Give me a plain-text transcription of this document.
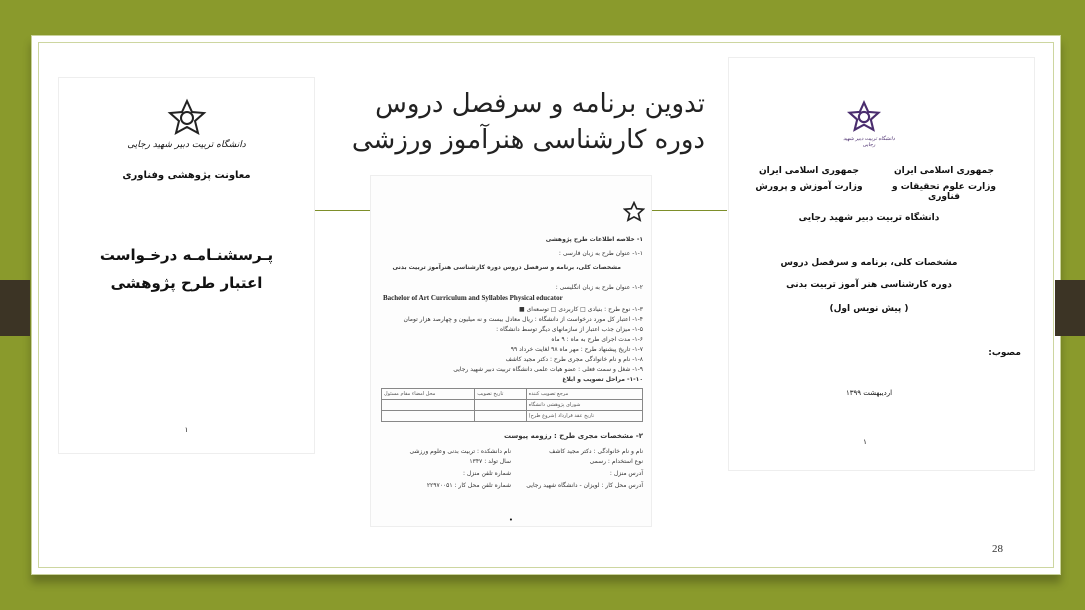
تدوین برنامه و سرفصل دروس
دوره کارشناسی هنرآموز ورزشی
دانشگاه تربیت دبیر شهید رجایی
معاونت پژوهشی وفناوری
پـرسشنـامـه درخـواست
اعتبار طرح پژوهشی
۱
۱- خلاصه اطلاعات طرح پژوهشی
۱-۱- عنوان طرح به زبان فارسی :
مشخصات کلی، برنامه و سرفصل دروس دوره کارشناسی هنرآموز تربیت بدنی
۱-۲- عنوان طرح به زبان انگلیسی :
Bachelor of Art Curriculum and Syllables Physical educator
۱-۳- نوع طرح : بنیادی □ کاربردی □ توسعه‌ای ■
۱-۴- اعتبار کل مورد درخواست از دانشگاه : ریال معادل بیست و نه میلیون و چهارصد هزار تومان
۱-۵- میزان جذب اعتبار از سازمانهای دیگر توسط دانشگاه :
۱-۶- مدت اجرای طرح به ماه : ۹ ماه
۱-۷- تاریخ پیشنهاد طرح : مهر ماه ۹۸ لغایت خرداد ۹۹
۱-۸- نام و نام خانوادگی مجری طرح : دکتر مجید کاشف
۱-۹- شغل و سمت فعلی : عضو هیات علمی دانشگاه تربیت دبیر شهید رجایی
۱-۱۰- مراحل تصویب و ابلاغ
محل امضاء مقام مسئول	تاریخ تصویب	مرجع تصویب کننده
		شورای پژوهشی دانشگاه
		تاریخ عقد قرارداد (شروع طرح)
۲- مشخصات مجری طرح : رزومه پیوست
نام و نام خانوادگی : دکتر مجید کاشف
نام دانشکده : تربیت بدنی وعلوم ورزشی
نوع استخدام : رسمی
سال تولد : ۱۳۴۷
آدرس منزل :
شماره تلفن منزل :
آدرس محل کار : لویزان - دانشگاه شهید رجایی
شماره تلفن محل کار : ۲۲۹۷۰۰۵۱
•
دانشگاه تربیت دبیر شهید رجایی
جمهوری اسلامی ایران
وزارت علوم تحقیقات و فناوری
جمهوری اسلامی ایران
وزارت آموزش و پرورش
دانشگاه تربیت دبیر شهید رجایی
مشخصات کلی، برنامه و سرفصل دروس
دوره کارشناسی هنر آموز تربیت بدنی
( پیش نویس اول)
مصوب:
ارد‌یبهشت ۱۳۹۹
۱
28
